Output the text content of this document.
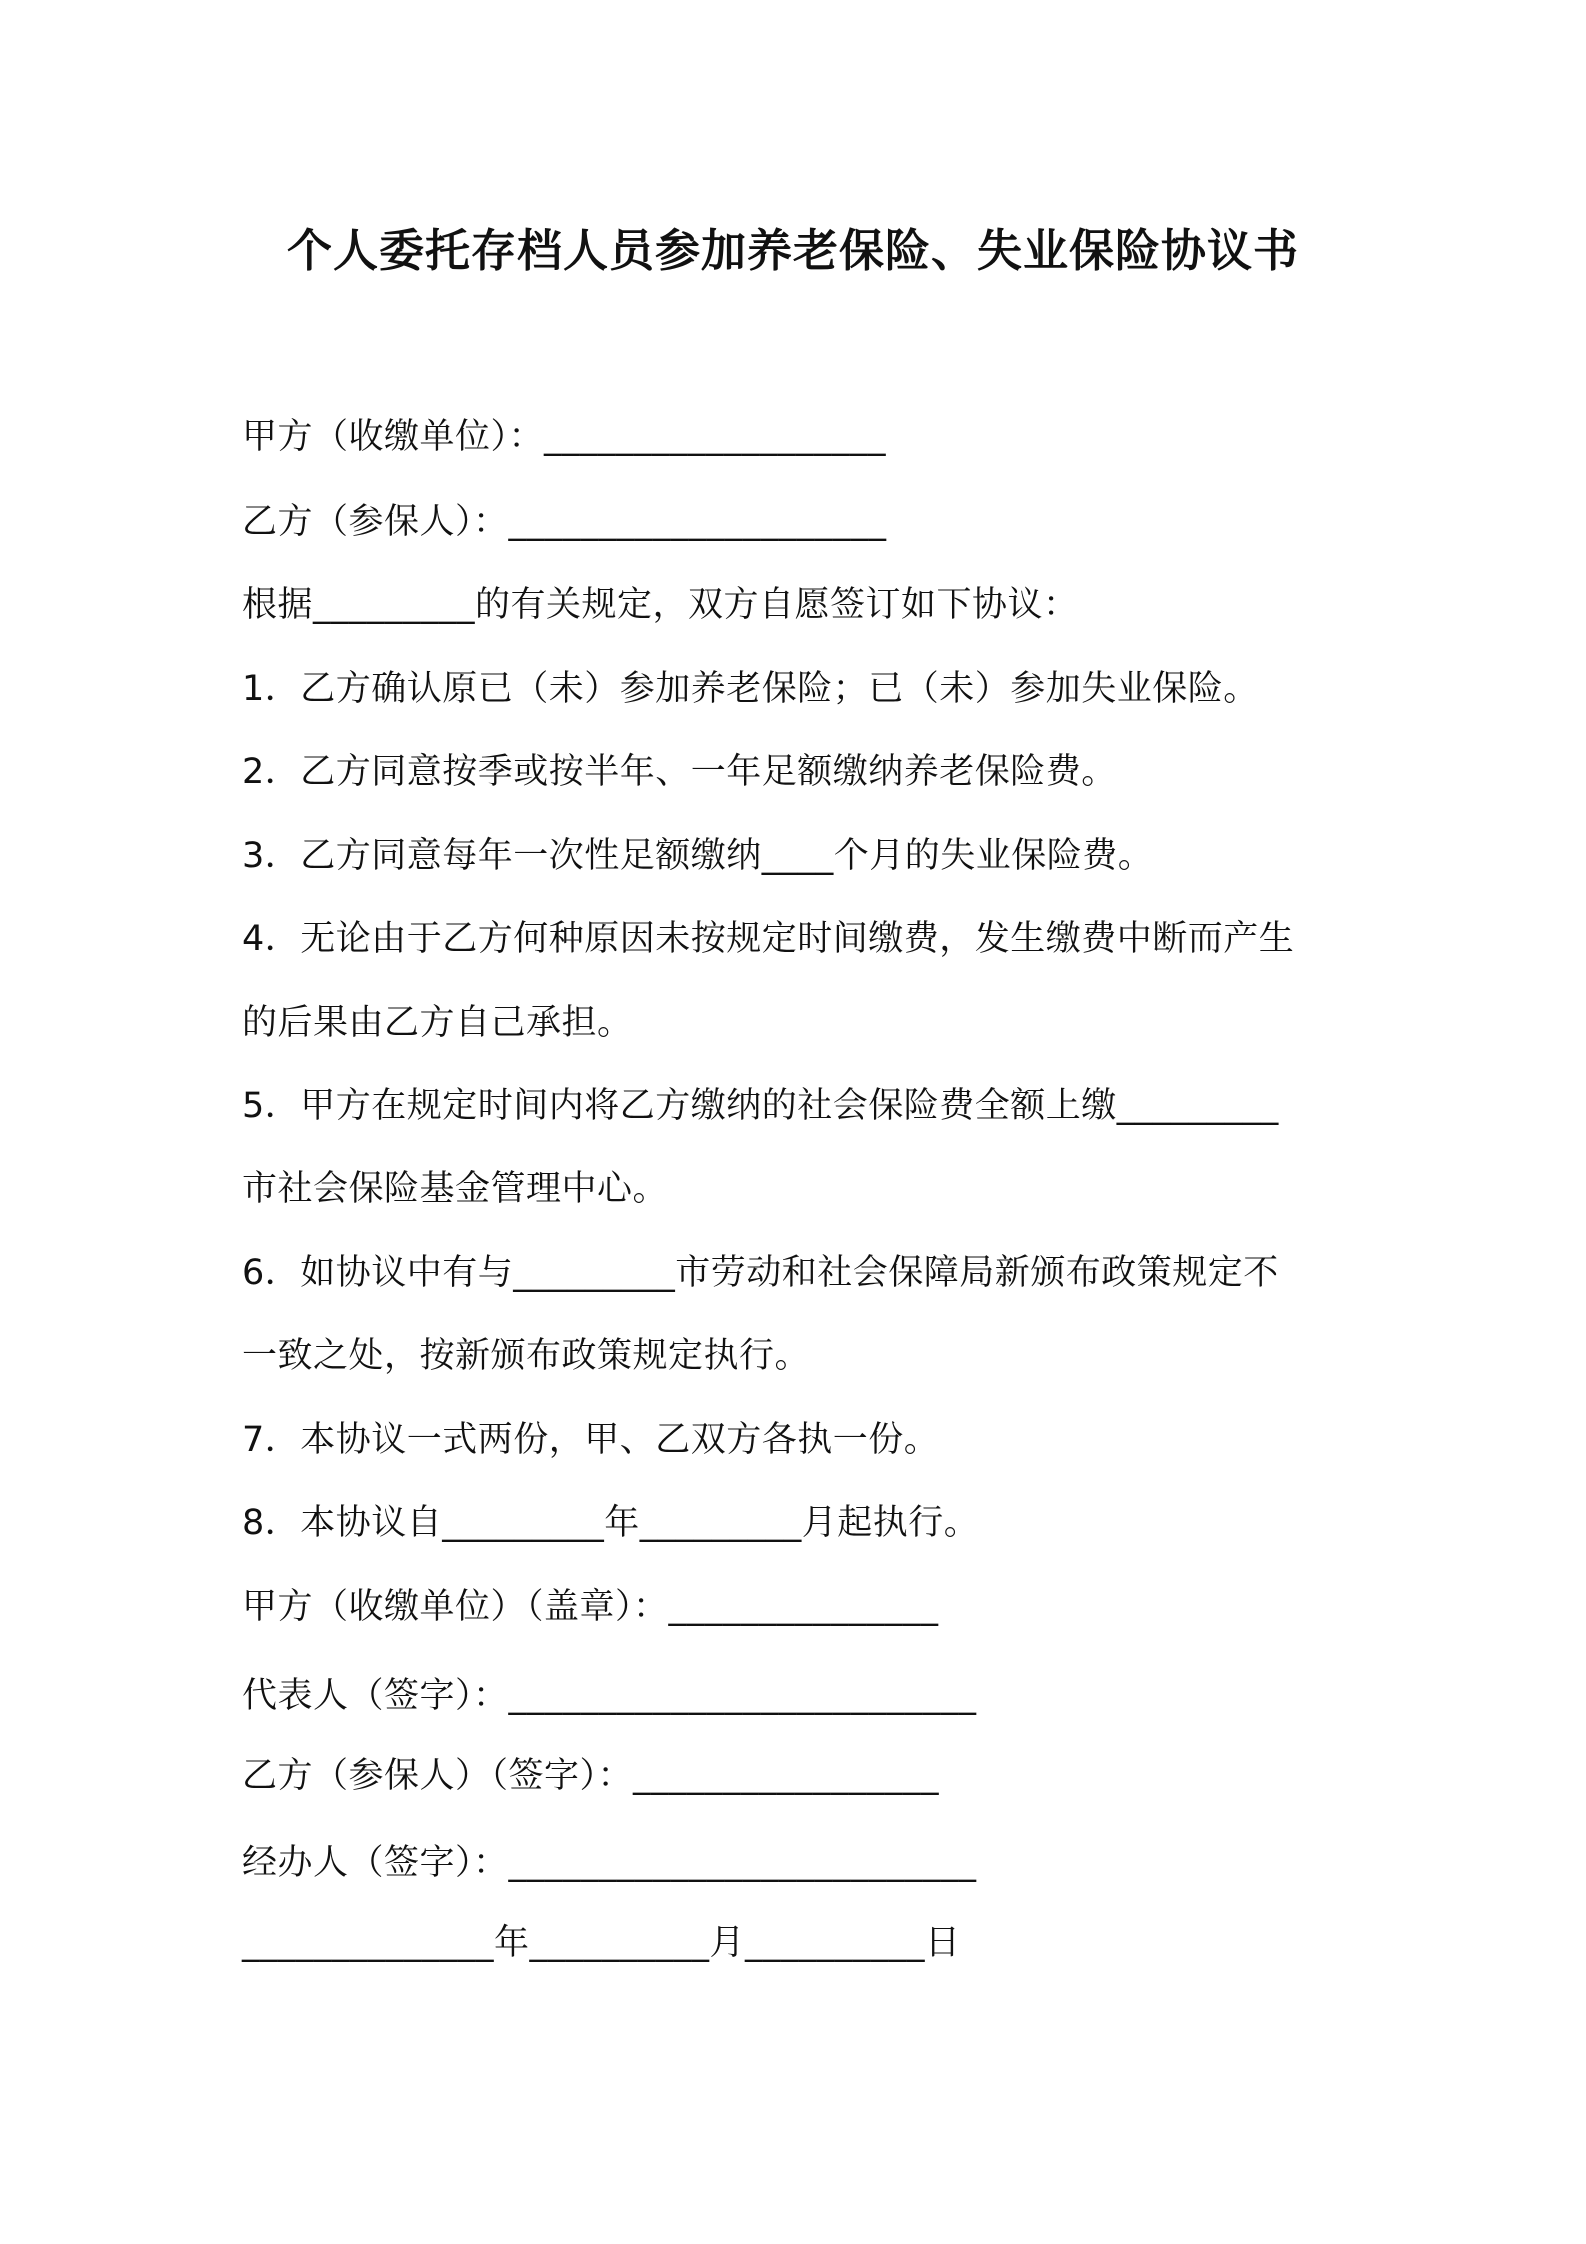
个人委托存档人员参加养老保险、失业保险协议书
甲方（收缴单位）：___________________
乙方（参保人）：_____________________
根据_________的有关规定，双方自愿签订如下协议：
1．乙方确认原已（未）参加养老保险；已（未）参加失业保险。
2．乙方同意按季或按半年、一年足额缴纳养老保险费。
3．乙方同意每年一次性足额缴纳____个月的失业保险费。
4．无论由于乙方何种原因未按规定时间缴费，发生缴费中断而产生
的后果由乙方自己承担。
5．甲方在规定时间内将乙方缴纳的社会保险费全额上缴_________
市社会保险基金管理中心。
6．如协议中有与_________市劳动和社会保障局新颁布政策规定不
一致之处，按新颁布政策规定执行。
7．本协议一式两份，甲、乙双方各执一份。
8．本协议自_________年_________月起执行。
甲方（收缴单位）（盖章）：_______________
代表人（签字）：__________________________
乙方（参保人）（签字）：_________________
经办人（签字）：__________________________
______________年__________月__________日
